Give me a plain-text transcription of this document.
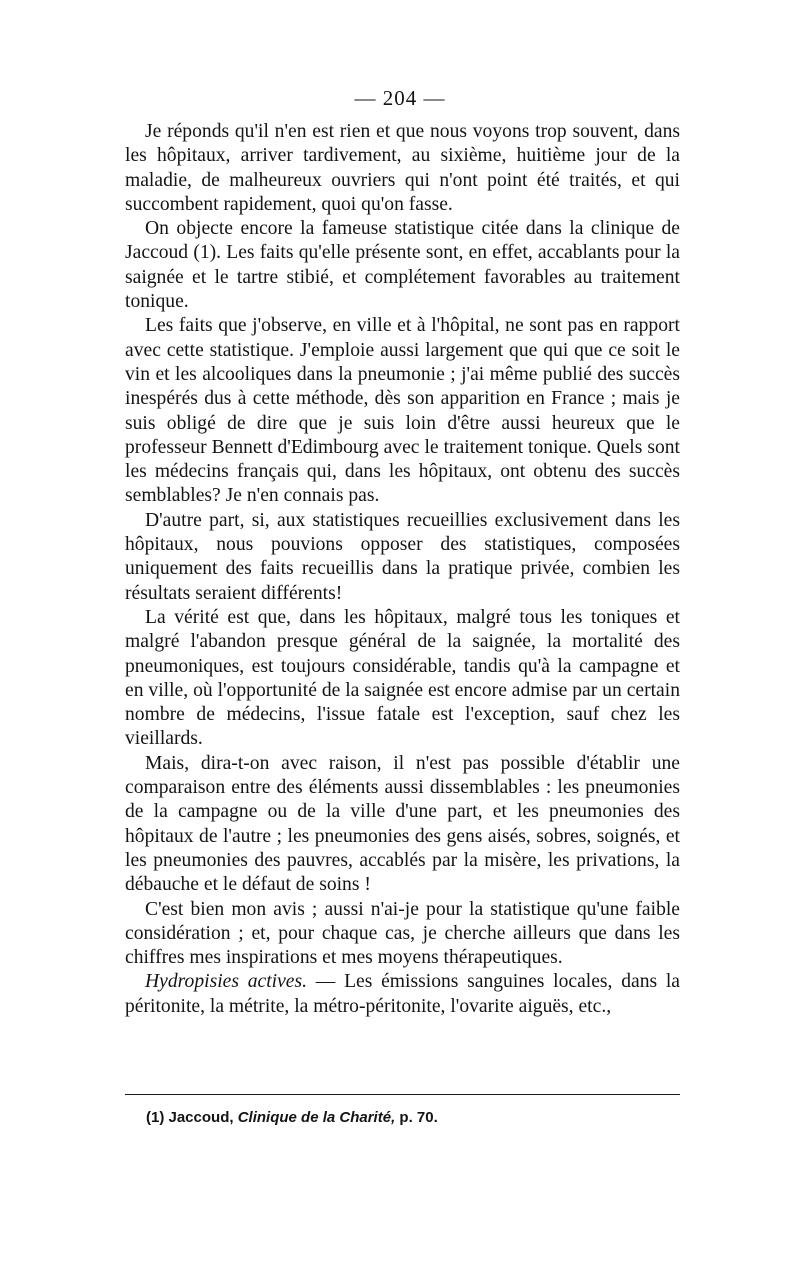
— 204 —

Je réponds qu'il n'en est rien et que nous voyons trop souvent, dans les hôpitaux, arriver tardivement, au sixième, huitième jour de la maladie, de malheureux ouvriers qui n'ont point été traités, et qui succombent rapidement, quoi qu'on fasse.

On objecte encore la fameuse statistique citée dans la clinique de Jaccoud (1). Les faits qu'elle présente sont, en effet, accablants pour la saignée et le tartre stibié, et complétement favorables au traitement tonique.

Les faits que j'observe, en ville et à l'hôpital, ne sont pas en rapport avec cette statistique. J'emploie aussi largement que qui que ce soit le vin et les alcooliques dans la pneumonie ; j'ai même publié des succès inespérés dus à cette méthode, dès son apparition en France ; mais je suis obligé de dire que je suis loin d'être aussi heureux que le professeur Bennett d'Edimbourg avec le traitement tonique. Quels sont les médecins français qui, dans les hôpitaux, ont obtenu des succès semblables? Je n'en connais pas.

D'autre part, si, aux statistiques recueillies exclusivement dans les hôpitaux, nous pouvions opposer des statistiques, composées uniquement des faits recueillis dans la pratique privée, combien les résultats seraient différents!

La vérité est que, dans les hôpitaux, malgré tous les toniques et malgré l'abandon presque général de la saignée, la mortalité des pneumoniques, est toujours considérable, tandis qu'à la campagne et en ville, où l'opportunité de la saignée est encore admise par un certain nombre de médecins, l'issue fatale est l'exception, sauf chez les vieillards.

Mais, dira-t-on avec raison, il n'est pas possible d'établir une comparaison entre des éléments aussi dissemblables : les pneumonies de la campagne ou de la ville d'une part, et les pneumonies des hôpitaux de l'autre ; les pneumonies des gens aisés, sobres, soignés, et les pneumonies des pauvres, accablés par la misère, les privations, la débauche et le défaut de soins !

C'est bien mon avis ; aussi n'ai-je pour la statistique qu'une faible considération ; et, pour chaque cas, je cherche ailleurs que dans les chiffres mes inspirations et mes moyens thérapeutiques.

Hydropisies actives. — Les émissions sanguines locales, dans la péritonite, la métrite, la métro-péritonite, l'ovarite aiguës, etc.,

(1) Jaccoud, Clinique de la Charité, p. 70.
